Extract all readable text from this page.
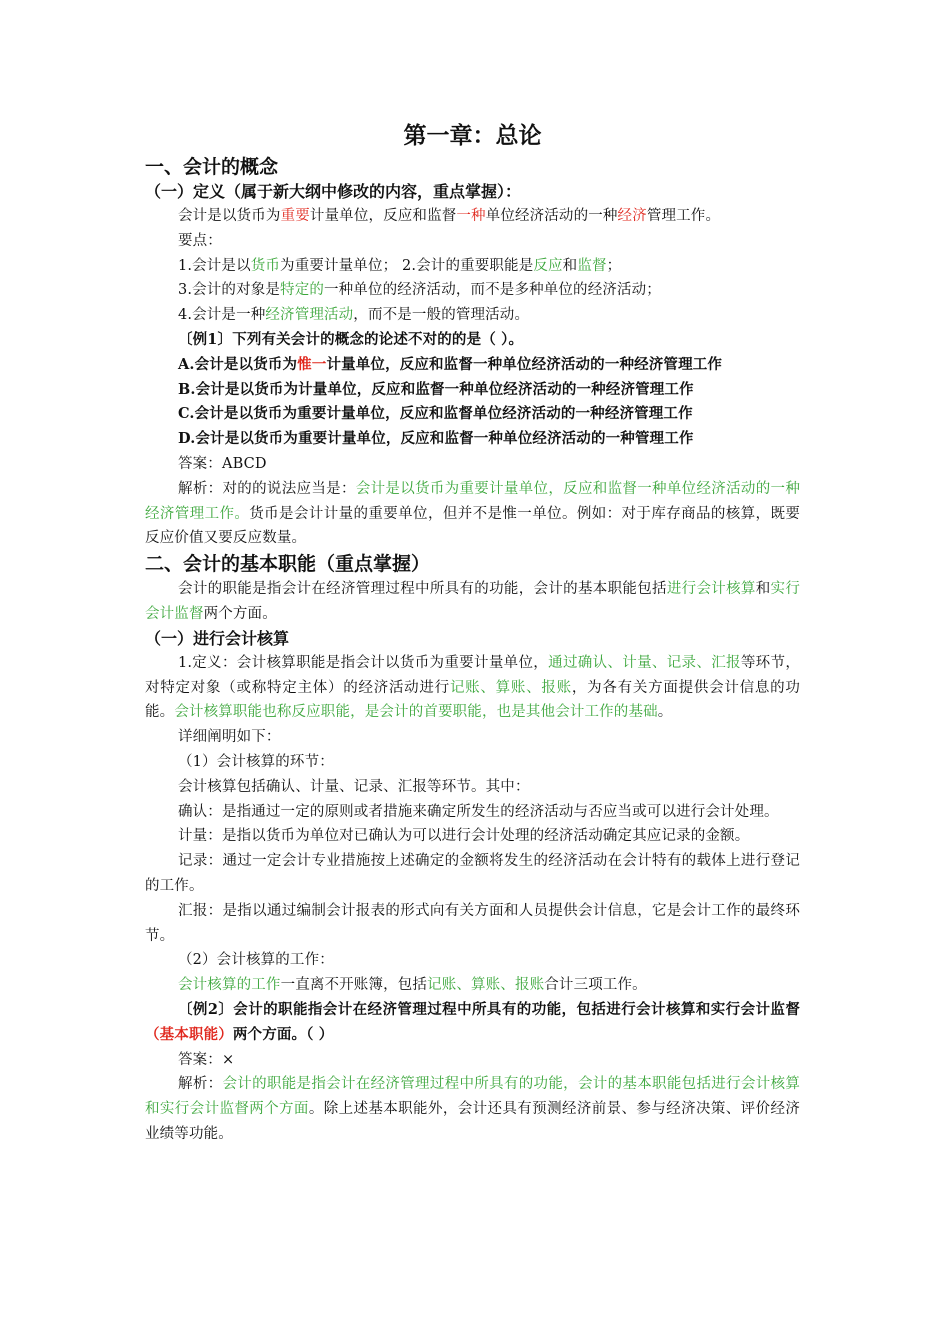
第一章：总论
一、会计的概念
（一）定义（属于新大纲中修改的内容，重点掌握）：

会计是以货币为重要计量单位，反应和监督一种单位经济活动的一种经济管理工作。

要点：

1.会计是以货币为重要计量单位； 2.会计的重要职能是反应和监督；

3.会计的对象是特定的一种单位的经济活动，而不是多种单位的经济活动；

4.会计是一种经济管理活动，而不是一般的管理活动。

〔例1〕下列有关会计的概念的论述不对的的是（ ）。

A.会计是以货币为惟一计量单位，反应和监督一种单位经济活动的一种经济管理工作

B.会计是以货币为计量单位，反应和监督一种单位经济活动的一种经济管理工作

C.会计是以货币为重要计量单位，反应和监督单位经济活动的一种经济管理工作

D.会计是以货币为重要计量单位，反应和监督一种单位经济活动的一种管理工作

答案：ABCD

解析：对的的说法应当是：会计是以货币为重要计量单位，反应和监督一种单位经济活动的一种经济管理工作。货币是会计计量的重要单位，但并不是惟一单位。例如：对于库存商品的核算，既要反应价值又要反应数量。

二、会计的基本职能（重点掌握）

会计的职能是指会计在经济管理过程中所具有的功能，会计的基本职能包括进行会计核算和实行会计监督两个方面。

（一）进行会计核算

1.定义：会计核算职能是指会计以货币为重要计量单位，通过确认、计量、记录、汇报等环节，对特定对象（或称特定主体）的经济活动进行记账、算账、报账，为各有关方面提供会计信息的功能。会计核算职能也称反应职能，是会计的首要职能，也是其他会计工作的基础。

详细阐明如下：

（1）会计核算的环节：

会计核算包括确认、计量、记录、汇报等环节。其中：

确认：是指通过一定的原则或者措施来确定所发生的经济活动与否应当或可以进行会计处理。

计量：是指以货币为单位对已确认为可以进行会计处理的经济活动确定其应记录的金额。

记录：通过一定会计专业措施按上述确定的金额将发生的经济活动在会计特有的载体上进行登记的工作。

汇报：是指以通过编制会计报表的形式向有关方面和人员提供会计信息，它是会计工作的最终环节。

（2）会计核算的工作：

会计核算的工作一直离不开账簿，包括记账、算账、报账合计三项工作。

〔例2〕会计的职能指会计在经济管理过程中所具有的功能，包括进行会计核算和实行会计监督（基本职能）两个方面。（ ）

答案：×

解析：会计的职能是指会计在经济管理过程中所具有的功能，会计的基本职能包括进行会计核算和实行会计监督两个方面。除上述基本职能外，会计还具有预测经济前景、参与经济决策、评价经济业绩等功能。
